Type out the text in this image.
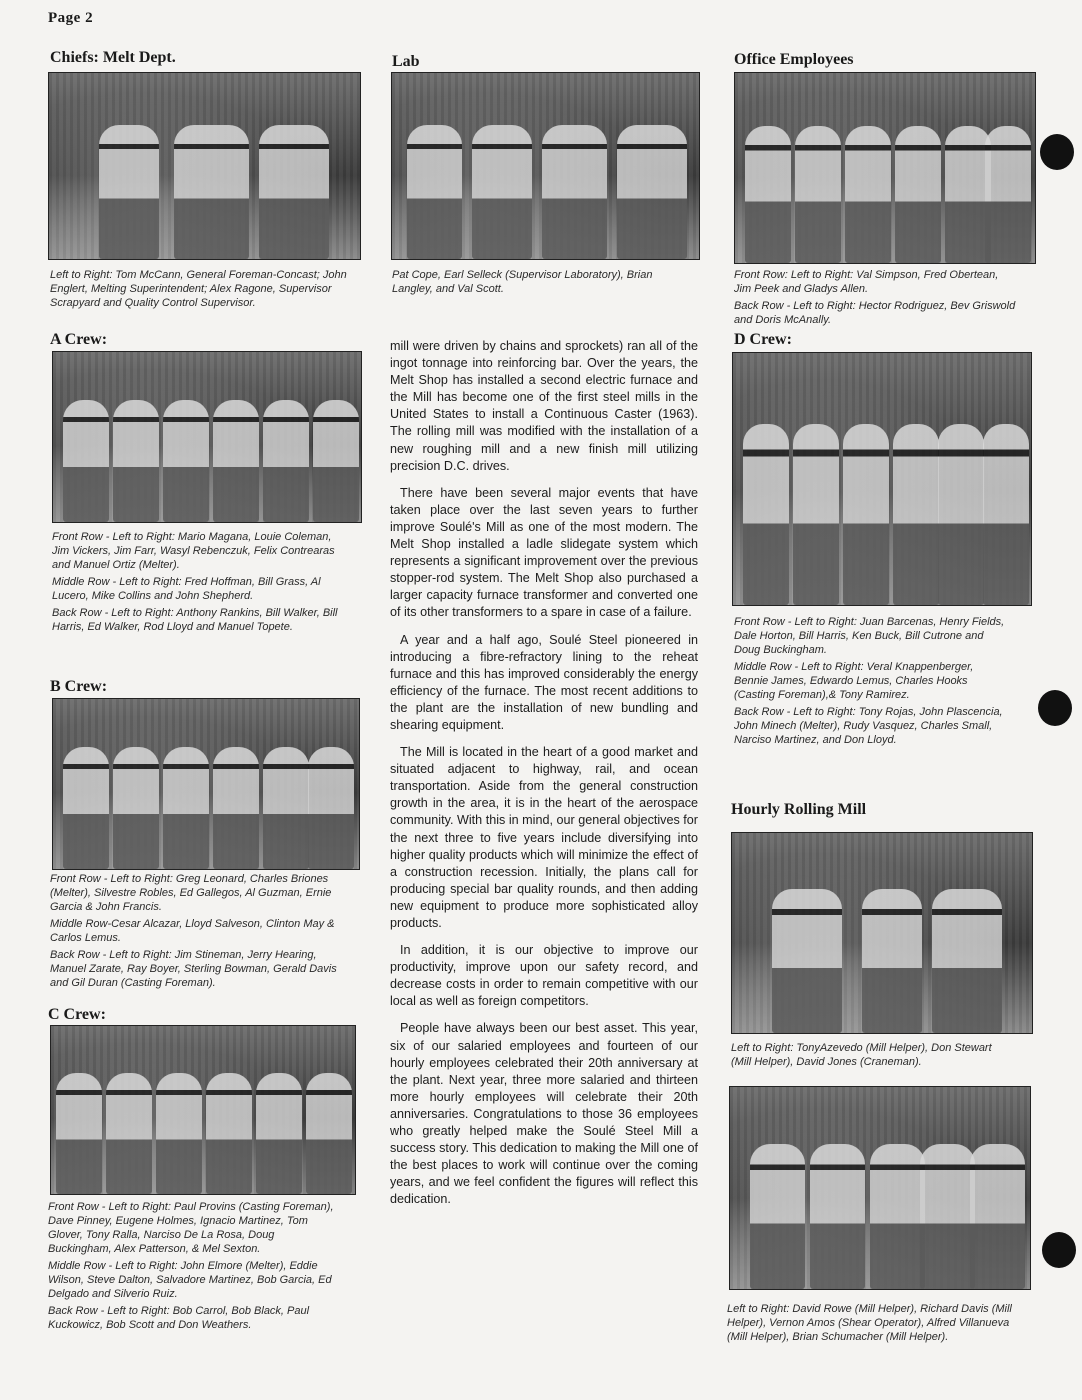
Page 2
Chiefs: Melt Dept.

Left to Right: Tom McCann, General Foreman-Concast; John Englert, Melting Superintendent; Alex Ragone, Supervisor Scrapyard and Quality Control Supervisor.

A Crew:

Front Row - Left to Right: Mario Magana, Louie Coleman, Jim Vickers, Jim Farr, Wasyl Rebenczuk, Felix Contrearas and Manuel Ortiz (Melter).

Middle Row - Left to Right: Fred Hoffman, Bill Grass, Al Lucero, Mike Collins and John Shepherd.

Back Row - Left to Right: Anthony Rankins, Bill Walker, Bill Harris, Ed Walker, Rod Lloyd and Manuel Topete.

B Crew:

Front Row - Left to Right: Greg Leonard, Charles Briones (Melter), Silvestre Robles, Ed Gallegos, Al Guzman, Ernie Garcia & John Francis.

Middle Row-Cesar Alcazar, Lloyd Salveson, Clinton May & Carlos Lemus.

Back Row - Left to Right: Jim Stineman, Jerry Hearing, Manuel Zarate, Ray Boyer, Sterling Bowman, Gerald Davis and Gil Duran (Casting Foreman).

C Crew:

Front Row - Left to Right: Paul Provins (Casting Foreman), Dave Pinney, Eugene Holmes, Ignacio Martinez, Tom Glover, Tony Ralla, Narciso De La Rosa, Doug Buckingham, Alex Patterson, & Mel Sexton.

Middle Row - Left to Right: John Elmore (Melter), Eddie Wilson, Steve Dalton, Salvadore Martinez, Bob Garcia, Ed Delgado and Silverio Ruiz.

Back Row - Left to Right: Bob Carrol, Bob Black, Paul Kuckowicz, Bob Scott and Don Weathers.

Lab

Pat Cope, Earl Selleck (Supervisor Laboratory), Brian Langley, and Val Scott.

mill were driven by chains and sprockets) ran all of the ingot tonnage into reinforcing bar. Over the years, the Melt Shop has installed a second electric furnace and the Mill has become one of the first steel mills in the United States to install a Continuous Caster (1963). The rolling mill was modified with the installation of a new roughing mill and a new finish mill utilizing precision D.C. drives.

There have been several major events that have taken place over the last seven years to further improve Soulé's Mill as one of the most modern. The Melt Shop installed a ladle slidegate system which represents a significant improvement over the previous stopper-rod system. The Melt Shop also purchased a larger capacity furnace transformer and converted one of its other transformers to a spare in case of a failure.

A year and a half ago, Soulé Steel pioneered in introducing a fibre-refractory lining to the reheat furnace and this has improved considerably the energy efficiency of the furnace. The most recent additions to the plant are the installation of new bundling and shearing equipment.

The Mill is located in the heart of a good market and situated adjacent to highway, rail, and ocean transportation. Aside from the general construction growth in the area, it is in the heart of the aerospace community. With this in mind, our general objectives for the next three to five years include diversifying into higher quality products which will minimize the effect of a construction recession. Initially, the plans call for producing special bar quality rounds, and then adding new equipment to produce more sophisticated alloy products.

In addition, it is our objective to improve our productivity, improve upon our safety record, and decrease costs in order to remain competitive with our local as well as foreign competitors.

People have always been our best asset. This year, six of our salaried employees and fourteen of our hourly employees celebrated their 20th anniversary at the plant. Next year, three more salaried and thirteen more hourly employees will celebrate their 20th anniversaries. Congratulations to those 36 employees who greatly helped make the Soulé Steel Mill a success story. This dedication to making the Mill one of the best places to work will continue over the coming years, and we feel confident the figures will reflect this dedication.

Office Employees

Front Row: Left to Right: Val Simpson, Fred Obertean, Jim Peek and Gladys Allen.

Back Row - Left to Right: Hector Rodriguez, Bev Griswold and Doris McAnally.

D Crew:

Front Row - Left to Right: Juan Barcenas, Henry Fields, Dale Horton, Bill Harris, Ken Buck, Bill Cutrone and Doug Buckingham.

Middle Row - Left to Right: Veral Knappenberger, Bennie James, Edwardo Lemus, Charles Hooks (Casting Foreman),& Tony Ramirez.

Back Row - Left to Right: Tony Rojas, John Plascencia, John Minech (Melter), Rudy Vasquez, Charles Small, Narciso Martinez, and Don Lloyd.

Hourly Rolling Mill

Left to Right: TonyAzevedo (Mill Helper), Don Stewart (Mill Helper), David Jones (Craneman).

Left to Right: David Rowe (Mill Helper), Richard Davis (Mill Helper), Vernon Amos (Shear Operator), Alfred Villanueva (Mill Helper), Brian Schumacher (Mill Helper).
